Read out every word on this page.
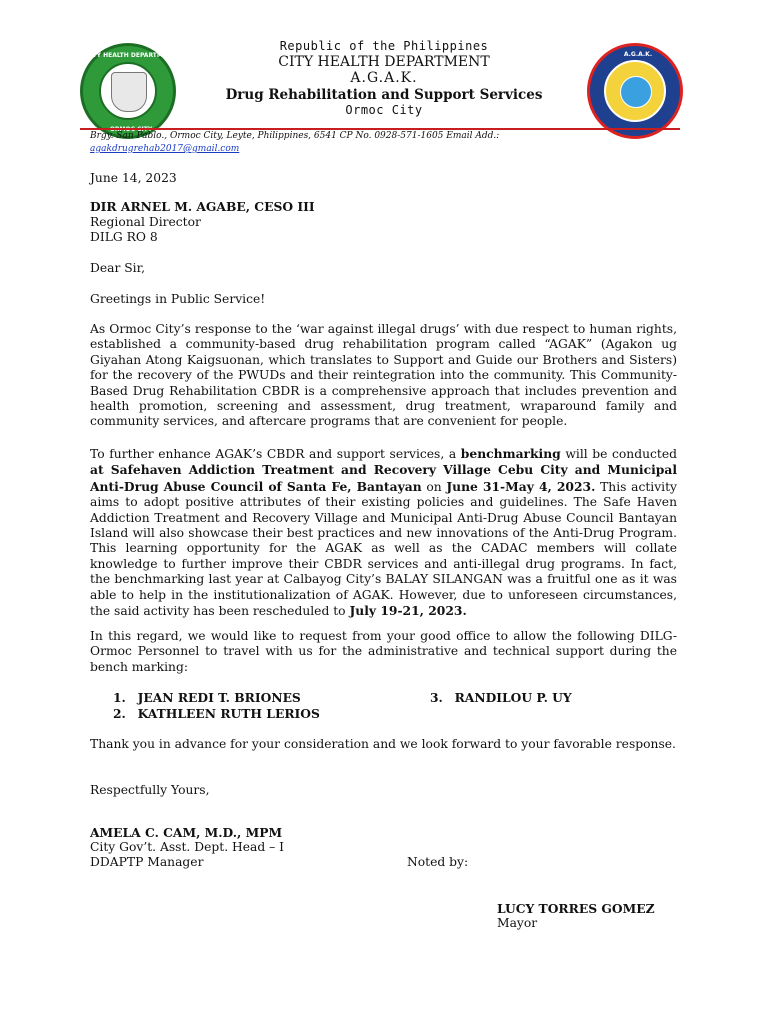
CITY HEALTH DEPARTMENT	A.G.A.K.
Republic of the Philippines
CITY HEALTH DEPARTMENT
A.G.A.K.
Drug Rehabilitation and Support Services
Ormoc City
Brgy. San Pablo., Ormoc City, Leyte, Philippines, 6541 CP No. 0928-571-1605 Email Add.:
agakdrugrehab2017@gmail.com
June 14, 2023
DIR ARNEL M. AGABE, CESO III
Regional Director
DILG RO 8
Dear Sir,
Greetings in Public Service!
As Ormoc City’s response to the ‘war against illegal drugs’ with due respect to human rights, established a community-based drug rehabilitation program called “AGAK” (Agakon ug Giyahan Atong Kaigsuonan, which translates to Support and Guide our Brothers and Sisters) for the recovery of the PWUDs and their reintegration into the community. This Community-Based Drug Rehabilitation CBDR is a comprehensive approach that includes prevention and health promotion, screening and assessment, drug treatment, wraparound family and community services, and aftercare programs that are convenient for people.
To further enhance AGAK’s CBDR and support services, a benchmarking will be conducted at Safehaven Addiction Treatment and Recovery Village Cebu City and Municipal Anti-Drug Abuse Council of Santa Fe, Bantayan on June 31-May 4, 2023. This activity aims to adopt positive attributes of their existing policies and guidelines. The Safe Haven Addiction Treatment and Recovery Village and Municipal Anti-Drug Abuse Council Bantayan Island will also showcase their best practices and new innovations of the Anti-Drug Program. This learning opportunity for the AGAK as well as the CADAC members will collate knowledge to further improve their CBDR services and anti-illegal drug programs. In fact, the benchmarking last year at Calbayog City’s BALAY SILANGAN was a fruitful one as it was able to help in the institutionalization of AGAK. However, due to unforeseen circumstances, the said activity has been rescheduled to July 19-21, 2023.
In this regard, we would like to request from your good office to allow the following DILG-Ormoc Personnel to travel with us for the administrative and technical support during the bench marking:
1. JEAN REDI T. BRIONES
2. KATHLEEN RUTH LERIOS
3. RANDILOU P. UY
Thank you in advance for your consideration and we look forward to your favorable response.
Respectfully Yours,
AMELA C. CAM, M.D., MPM
City Gov’t. Asst. Dept. Head – I
DDAPTP Manager	Noted by:
LUCY TORRES GOMEZ
Mayor
